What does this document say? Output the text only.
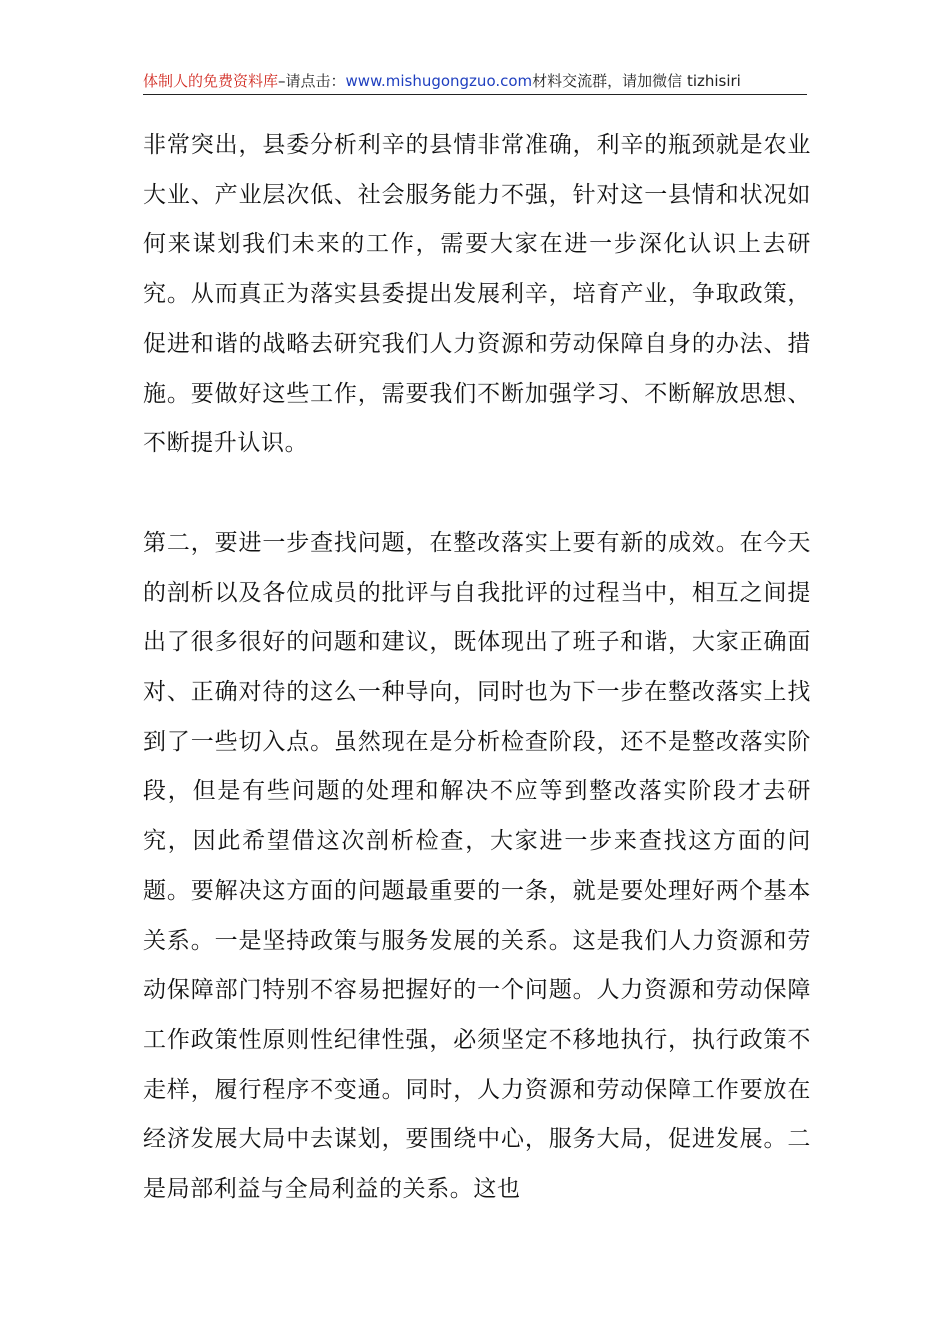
体制人的免费资料库–请点击：www.mishugongzuo.com材料交流群，请加微信 tizhisiri

非常突出，县委分析利辛的县情非常准确，利辛的瓶颈就是农业大业、产业层次低、社会服务能力不强，针对这一县情和状况如何来谋划我们未来的工作，需要大家在进一步深化认识上去研究。从而真正为落实县委提出发展利辛，培育产业，争取政策，促进和谐的战略去研究我们人力资源和劳动保障自身的办法、措施。要做好这些工作，需要我们不断加强学习、不断解放思想、不断提升认识。

第二，要进一步查找问题，在整改落实上要有新的成效。在今天的剖析以及各位成员的批评与自我批评的过程当中，相互之间提出了很多很好的问题和建议，既体现出了班子和谐，大家正确面对、正确对待的这么一种导向，同时也为下一步在整改落实上找到了一些切入点。虽然现在是分析检查阶段，还不是整改落实阶段，但是有些问题的处理和解决不应等到整改落实阶段才去研究，因此希望借这次剖析检查，大家进一步来查找这方面的问题。要解决这方面的问题最重要的一条，就是要处理好两个基本关系。一是坚持政策与服务发展的关系。这是我们人力资源和劳动保障部门特别不容易把握好的一个问题。人力资源和劳动保障工作政策性原则性纪律性强，必须坚定不移地执行，执行政策不走样，履行程序不变通。同时，人力资源和劳动保障工作要放在经济发展大局中去谋划，要围绕中心，服务大局，促进发展。二是局部利益与全局利益的关系。这也
